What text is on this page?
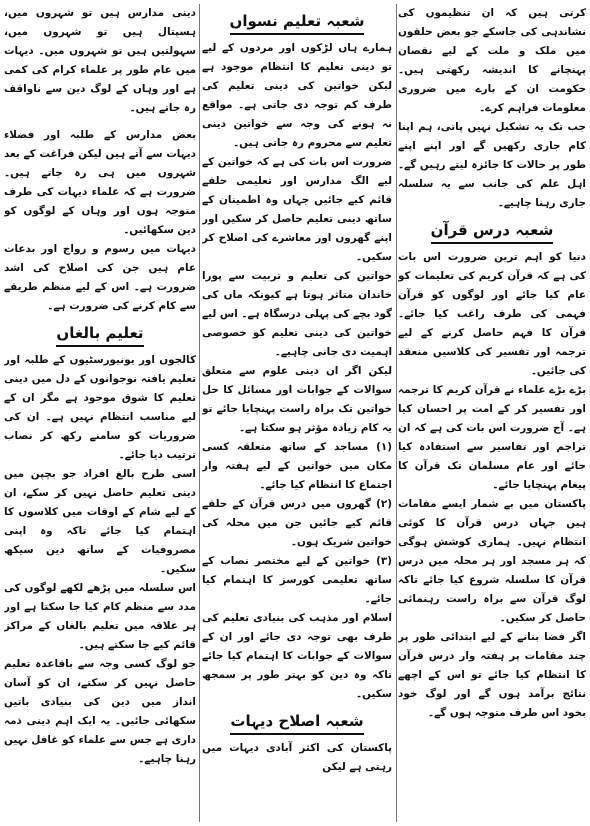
کرتی ہیں کہ ان تنظیموں کی نشاندہی کی جاسکے جو بعض حلقوں میں ملک و ملت کے لیے نقصان پہنچانے کا اندیشہ رکھتی ہیں۔ حکومت ان کے بارے میں ضروری معلومات فراہم کرے۔

جب تک یہ تشکیل نہیں پاتی، ہم اپنا کام جاری رکھیں گے اور اپنے اپنے طور پر حالات کا جائزہ لیتے رہیں گے۔ اہل علم کی جانب سے یہ سلسلہ جاری رہنا چاہیے۔

شعبہ درس قرآن

دنیا کو اہم ترین ضرورت اس بات کی ہے کہ قرآن کریم کی تعلیمات کو عام کیا جائے اور لوگوں کو قرآن فہمی کی طرف راغب کیا جائے۔ قرآن کا فہم حاصل کرنے کے لیے ترجمہ اور تفسیر کی کلاسیں منعقد کی جائیں۔

بڑے بڑے علماء نے قرآن کریم کا ترجمہ اور تفسیر کر کے امت پر احسان کیا ہے۔ آج ضرورت اس بات کی ہے کہ ان تراجم اور تفاسیر سے استفادہ کیا جائے اور عام مسلمان تک قرآن کا پیغام پہنچایا جائے۔

پاکستان میں بے شمار ایسے مقامات ہیں جہاں درس قرآن کا کوئی انتظام نہیں۔ ہماری کوشش ہوگی کہ ہر مسجد اور ہر محلہ میں درس قرآن کا سلسلہ شروع کیا جائے تاکہ لوگ قرآن سے براہ راست رہنمائی حاصل کر سکیں۔

اگر فضا بنانے کے لیے ابتدائی طور پر چند مقامات پر ہفتہ وار درس قرآن کا انتظام کیا جائے تو اس کے اچھے نتائج برآمد ہوں گے اور لوگ خود بخود اس طرف متوجہ ہوں گے۔

شعبہ تعلیم نسواں

ہمارے ہاں لڑکوں اور مردوں کے لیے تو دینی تعلیم کا انتظام موجود ہے لیکن خواتین کی دینی تعلیم کی طرف کم توجہ دی جاتی ہے۔ مواقع نہ ہونے کی وجہ سے خواتین دینی تعلیم سے محروم رہ جاتی ہیں۔

ضرورت اس بات کی ہے کہ خواتین کے لیے الگ مدارس اور تعلیمی حلقے قائم کیے جائیں جہاں وہ اطمینان کے ساتھ دینی تعلیم حاصل کر سکیں اور اپنے گھروں اور معاشرے کی اصلاح کر سکیں۔

خواتین کی تعلیم و تربیت سے پورا خاندان متاثر ہوتا ہے کیونکہ ماں کی گود بچے کی پہلی درسگاہ ہے۔ اس لیے خواتین کی دینی تعلیم کو خصوصی اہمیت دی جانی چاہیے۔

لیکن اگر ان دینی علوم سے متعلق سوالات کے جوابات اور مسائل کا حل خواتین تک براہ راست پہنچایا جائے تو یہ کام زیادہ مؤثر ہو سکتا ہے۔

(۱) مساجد کے ساتھ متعلقہ کسی مکان میں خواتین کے لیے ہفتہ وار اجتماع کا انتظام کیا جائے۔

(۲) گھروں میں درس قرآن کے حلقے قائم کیے جائیں جن میں محلہ کی خواتین شریک ہوں۔

(۳) خواتین کے لیے مختصر نصاب کے ساتھ تعلیمی کورسز کا اہتمام کیا جائے۔

اسلام اور مذہب کی بنیادی تعلیم کی طرف بھی توجہ دی جائے اور ان کے سوالات کے جوابات کا اہتمام کیا جائے تاکہ وہ دین کو بہتر طور پر سمجھ سکیں۔

شعبہ اصلاح دیہات

پاکستان کی اکثر آبادی دیہات میں رہتی ہے لیکن

دینی مدارس ہیں تو شہروں میں، ہسپتال ہیں تو شہروں میں، سہولتیں ہیں تو شہروں میں۔ دیہات میں عام طور پر علماء کرام کی کمی ہے اور وہاں کے لوگ دین سے ناواقف رہ جاتے ہیں۔

بعض مدارس کے طلبہ اور فضلاء دیہات سے آتے ہیں لیکن فراغت کے بعد شہروں میں ہی رہ جاتے ہیں۔ ضرورت ہے کہ علماء دیہات کی طرف متوجہ ہوں اور وہاں کے لوگوں کو دین سکھائیں۔

دیہات میں رسوم و رواج اور بدعات عام ہیں جن کی اصلاح کی اشد ضرورت ہے۔ اس کے لیے منظم طریقے سے کام کرنے کی ضرورت ہے۔

تعلیم بالغاں

کالجوں اور یونیورسٹیوں کے طلبہ اور تعلیم یافتہ نوجوانوں کے دل میں دینی تعلیم کا شوق موجود ہے مگر ان کے لیے مناسب انتظام نہیں ہے۔ ان کی ضروریات کو سامنے رکھ کر نصاب ترتیب دیا جائے۔

اسی طرح بالغ افراد جو بچپن میں دینی تعلیم حاصل نہیں کر سکے، ان کے لیے شام کے اوقات میں کلاسوں کا اہتمام کیا جائے تاکہ وہ اپنی مصروفیات کے ساتھ دین سیکھ سکیں۔

اس سلسلہ میں پڑھے لکھے لوگوں کی مدد سے منظم کام کیا جا سکتا ہے اور ہر علاقہ میں تعلیم بالغاں کے مراکز قائم کیے جا سکتے ہیں۔

جو لوگ کسی وجہ سے باقاعدہ تعلیم حاصل نہیں کر سکتے، ان کو آسان انداز میں دین کی بنیادی باتیں سکھائی جائیں۔ یہ ایک اہم دینی ذمہ داری ہے جس سے علماء کو غافل نہیں رہنا چاہیے۔
